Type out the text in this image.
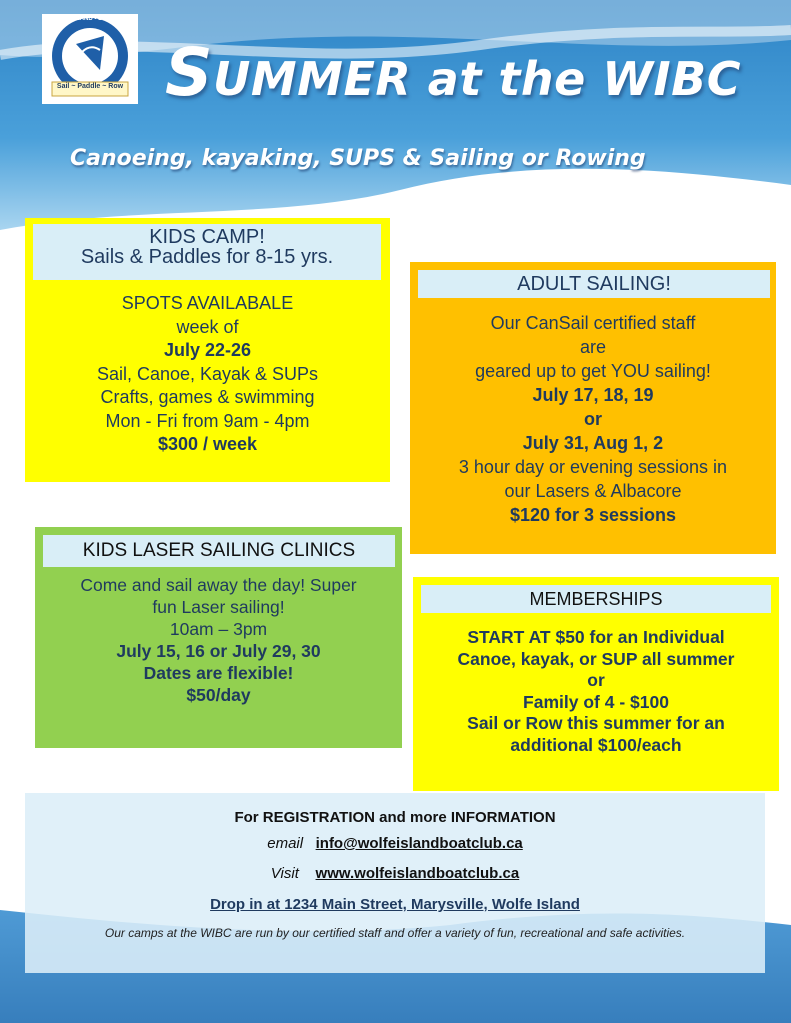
Sail ~ Paddle ~ Row
WOLFE ISLAND • BOAT CLUB
SUMMER at the WIBC
Canoeing, kayaking, SUPS & Sailing or Rowing
KIDS CAMP!
Sails & Paddles for 8-15 yrs.
SPOTS AVAILABALE
week of
July 22-26
Sail, Canoe, Kayak & SUPs
Crafts, games & swimming
Mon - Fri from 9am - 4pm
$300 / week
ADULT SAILING!
Our CanSail certified staff
are
geared up to get YOU sailing!
July 17, 18, 19
or
July 31, Aug 1, 2
3 hour day or evening sessions in
our Lasers & Albacore
$120 for 3 sessions
KIDS LASER SAILING CLINICS
Come and sail away the day! Super
fun Laser sailing!
10am – 3pm
July 15, 16 or July 29, 30
Dates are flexible!
$50/day
MEMBERSHIPS
START AT $50 for an Individual
Canoe, kayak, or SUP all summer
or
Family of 4 - $100
Sail or Row this summer for an
additional $100/each
For REGISTRATION and more INFORMATION
email info@wolfeislandboatclub.ca
Visit www.wolfeislandboatclub.ca
Drop in at 1234 Main Street, Marysville, Wolfe Island
Our camps at the WIBC are run by our certified staff and offer a variety of fun, recreational and safe activities.
